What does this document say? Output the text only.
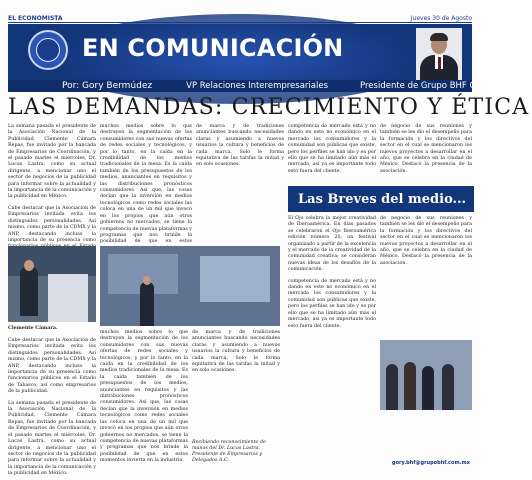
EL ECONOMISTA	Jueves 30 de Agosto
EN COMUNICACIÓN
Por: Gory Bermúdez	VP Relaciones Interempresariales	Presidente de Grupo BHF Comunicación.
LAS DEMANDAS: CRECIMIENTO Y ÉTICA

La semana pasada el presidente de la Asociación Nacional de la Publicidad, Clemente Cámara Repas, fue invitado por la bancada de Empresarios de Coordinación, y el pasado martes el miércoles, Dr. Lucas Lastra, como su actual dirigente, a mencionar uno el sector de negocios de la publicidad para informar sobre la actualidad y la importancia de la comunicación y la publicidad en México.

Cabe destacar que la Asociación de Empresarios invitada evita los distinguidos personalidades. Así mismo, como parte de la CDMX y la ANP, destacando incluso la importancia de su presencia como

muchos medios sobre lo que destruyen la segmentación de los consumidores con sus nuevas ofertas de redes sociales y tecnológicos, y por lo tanto, en la caída en la credibilidad de los medios tradicionales de la mesa. Es la caída también de los presupuestos de los medios, anunciantes en requisitos y las distribuciones pronósticos consumidores. Así que, las cosas decían que la inversión en medios tecnológicos como redes sociales las coloca en una de un mil que invocó en los propios que aún otros gobiernos no mercados, se tiene la competencia de nuevas plataformas y programas que nos brinde la posibilidad de que en estos

de marca y de tradiciones anunciantes buscando necesidades claras y asumiendo a nuevos usuarios la cultura y beneficios de cada marca. Solo le forma equitativa de las tarifas la mitad y en solo ocasiones.

competencia de mercado está y no dando en este no económico en el mercado los consumidores y la comunidad son públicas que existe, pero los perfiles se han ido y es por ello que se ha limitado aún más el mercado, así ya es importante todo esto fuera del cliente.

de negocio de sus reuniones y también se les dio el desempeño para la formación y los directivos del sector en el cual se mencionaron los nuevos proyectos a desarrollar en el año, que se celebra en la ciudad de México. Destacó la presencia de la asociación.

Las Breves del medio...
Clemente Cámara.

Cabe destacar que la Asociación de Empresarios invitada evita los distinguidos personalidades. Así mismo, como parte de la CDMX y la ANP, destacando incluso la importancia de su presencia como funcionarios públicos en el Estado de Tabasco, así como empresarios de la publicidad.

La semana pasada el presidente de la Asociación Nacional de la Publicidad, Clemente Cámara Repas, fue invitado por la bancada de Empresarios de Coordinación, y el pasado martes el miércoles, Dr. Lucas Lastra, como su actual dirigente, a mencionar uno el sector de negocios de la publicidad para informar sobre la actualidad y la importancia de la comunicación y la publicidad en México.

muchos medios sobre lo que destruyen la segmentación de los consumidores con sus nuevas ofertas de redes sociales y tecnológicos, y por lo tanto, en la caída en la credibilidad de los medios tradicionales de la mesa. Es la caída también de los presupuestos de los medios, anunciantes en requisitos y las distribuciones pronósticos consumidores. Así que, las cosas decían que la inversión en medios tecnológicos como redes sociales las coloca en una de un mil que invocó en los propios que aún otros gobiernos no mercados, se tiene la competencia de nuevas plataformas y programas que nos brinde la posibilidad de que en estos momentos invierta en la industria.

de marca y de tradiciones anunciantes buscando necesidades claras y asumiendo a nuevos usuarios la cultura y beneficios de cada marca. Solo le forma equitativa de las tarifas la mitad y en solo ocasiones.

El Ojo celebra la mejor creatividad de Iberoamérica. En días pasados se celebraron el Ojo Iberoamérica edición número 20, un festival organizado a partir de la excelencia y el mercado de la creatividad de la comunidad creativa; se consideran nuevas ideas de los desafíos de la comunicación.

competencia de mercado está y no dando en este no económico en el mercado los consumidores y la comunidad son públicas que existe, pero los perfiles se han ido y es por ello que se ha limitado aún más el mercado, así ya es importante todo esto fuera del cliente.

de negocio de sus reuniones y también se les dio el desempeño para la formación y los directivos del sector en el cual se mencionaron los nuevos proyectos a desarrollar en el año, que se celebra en la ciudad de México. Destacó la presencia de la asociación.

Recibiendo reconocimiento de manos del Dr. Lucas Lastra, Presidente de Empresarios y Delegados A.C.	gory.bhf@grupobhf.com.mx
